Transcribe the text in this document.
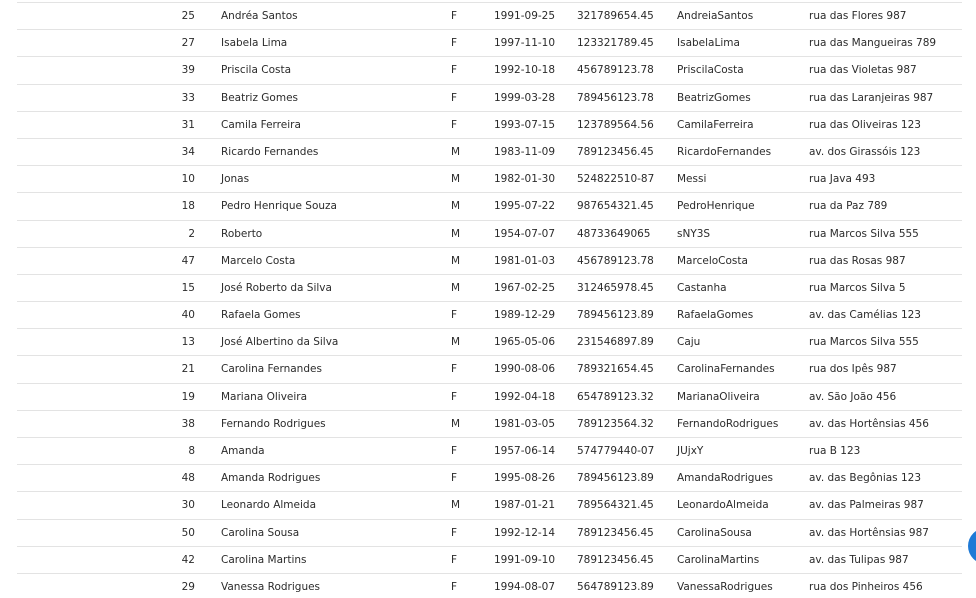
25 Andréa Santos	F	1991-09-25 321789654.45 AndreiaSantos	rua das Flores 987
27 Isabela Lima	F	1997-11-10 123321789.45 IsabelaLima	rua das Mangueiras 789
39 Priscila Costa	F	1992-10-18 456789123.78 PriscilaCosta	rua das Violetas 987
33 Beatriz Gomes	F	1999-03-28 789456123.78 BeatrizGomes	rua das Laranjeiras 987
31 Camila Ferreira	F	1993-07-15 123789564.56 CamilaFerreira	rua das Oliveiras 123
34 Ricardo Fernandes	M	1983-11-09 789123456.45 RicardoFernandes	av. dos Girassóis 123
10 Jonas	M	1982-01-30 524822510-87 Messi	rua Java 493
18 Pedro Henrique Souza	M	1995-07-22 987654321.45 PedroHenrique	rua da Paz 789
2 Roberto	M	1954-07-07 48733649065	sNY3S	rua Marcos Silva 555
47 Marcelo Costa	M	1981-01-03 456789123.78 MarceloCosta	rua das Rosas 987
15 José Roberto da Silva	M	1967-02-25 312465978.45 Castanha	rua Marcos Silva 5
40 Rafaela Gomes	F	1989-12-29 789456123.89 RafaelaGomes	av. das Camélias 123
13 José Albertino da Silva	M	1965-05-06 231546897.89 Caju	rua Marcos Silva 555
21 Carolina Fernandes	F	1990-08-06 789321654.45 CarolinaFernandes	rua dos Ipês 987
19 Mariana Oliveira	F	1992-04-18 654789123.32 MarianaOliveira	av. São João 456
38 Fernando Rodrigues	M	1981-03-05 789123564.32 FernandoRodrigues	av. das Hortênsias 456
8 Amanda	F	1957-06-14 574779440-07 JUjxY	rua B 123
48 Amanda Rodrigues	F	1995-08-26 789456123.89 AmandaRodrigues	av. das Begônias 123
30 Leonardo Almeida	M	1987-01-21 789564321.45 LeonardoAlmeida	av. das Palmeiras 987
50 Carolina Sousa	F	1992-12-14 789123456.45 CarolinaSousa	av. das Hortênsias 987
42 Carolina Martins	F	1991-09-10 789123456.45 CarolinaMartins	av. das Tulipas 987
29 Vanessa Rodrigues	F	1994-08-07 564789123.89 VanessaRodrigues	rua dos Pinheiros 456
